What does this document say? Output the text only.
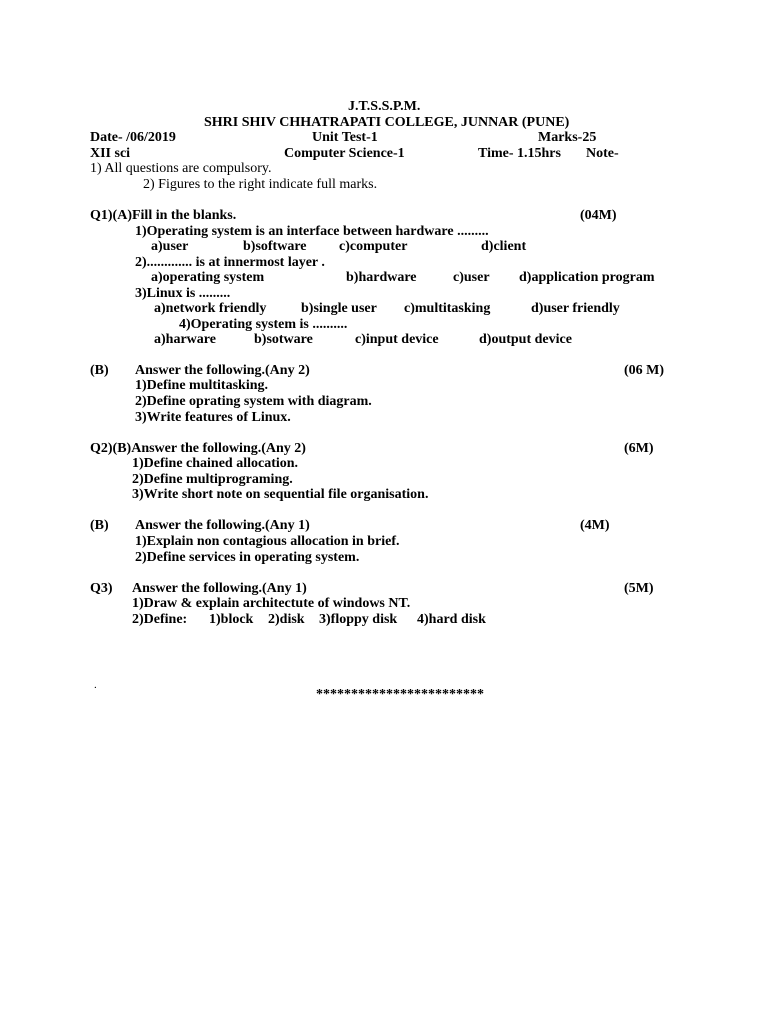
J.T.S.S.P.M.
SHRI SHIV CHHATRAPATI COLLEGE, JUNNAR (PUNE)
Date- /06/2019	Unit Test-1	Marks-25
XII sci	Computer Science-1	Time- 1.15hrs Note-
1) All questions are compulsory.
2) Figures to the right indicate full marks.
Q1)(A)Fill in the blanks.	(04M)
1)Operating system is an interface between hardware .........
a)user	b)software c)computer	d)client
2)............. is at innermost layer .
a)operating system	b)hardware	c)user d)application program
3)Linux is .........
a)network friendly b)single user c)multitasking	d)user friendly
4)Operating system is ..........
a)harware	b)sotware	c)input device	d)output device
(B) Answer the following.(Any 2)	(06 M)
1)Define multitasking.
2)Define oprating system with diagram.
3)Write features of Linux.
Q2)(B)Answer the following.(Any 2)	(6M)
1)Define chained allocation.
2)Define multiprograming.
3)Write short note on sequential file organisation.
(B) Answer the following.(Any 1)	(4M)
1)Explain non contagious allocation in brief.
2)Define services in operating system.
Q3) Answer the following.(Any 1)	(5M)
1)Draw & explain architectute of windows NT.
2)Define: 1)block 2)disk 3)floppy disk 4)hard disk
.
************************
